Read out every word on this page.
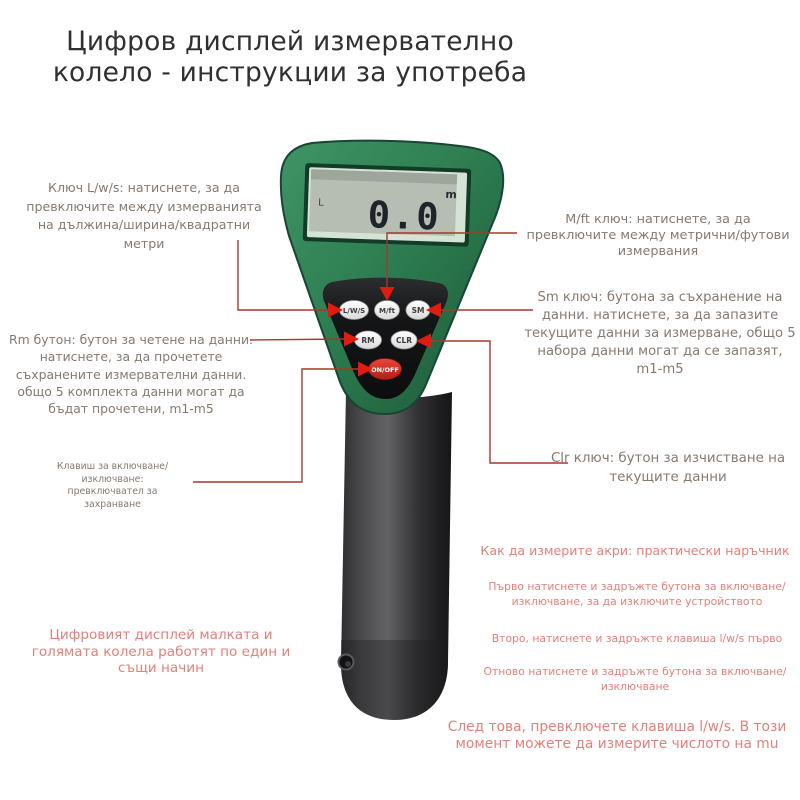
Цифров дисплей измервателно
колело - инструкции за употреба
0.0 m
L
L/W/S M/ft SM
RM	CLR
ON/OFF
Ключ L/w/s: натиснете, за да превключите между измерванията на дължина/ширина/квадратни метри
M/ft ключ: натиснете, за да превключите между метрични/футови измервания
Sm ключ: бутона за съхранение на данни. натиснете, за да запазите текущите данни за измерване, общо 5 набора данни могат да се запазят, m1-m5
Rm бутон: бутон за четене на данни. натиснете, за да прочетете съхранените измервателни данни. общо 5 комплекта данни могат да бъдат прочетени, m1-m5
Клавиш за включване/изключване: превключвател за захранване
Clr ключ: бутон за изчистване на текущите данни
Как да измерите акри: практически наръчник
Първо натиснете и задръжте бутона за включване/изключване, за да изключите устройството
Второ, натиснете и задръжте клавиша l/w/s първо
Отново натиснете и задръжте бутона за включване/изключване
Цифровият дисплей малката и голямата колела работят по един и същи начин
След това, превключете клавиша l/w/s. В този момент можете да измерите числото на mu
